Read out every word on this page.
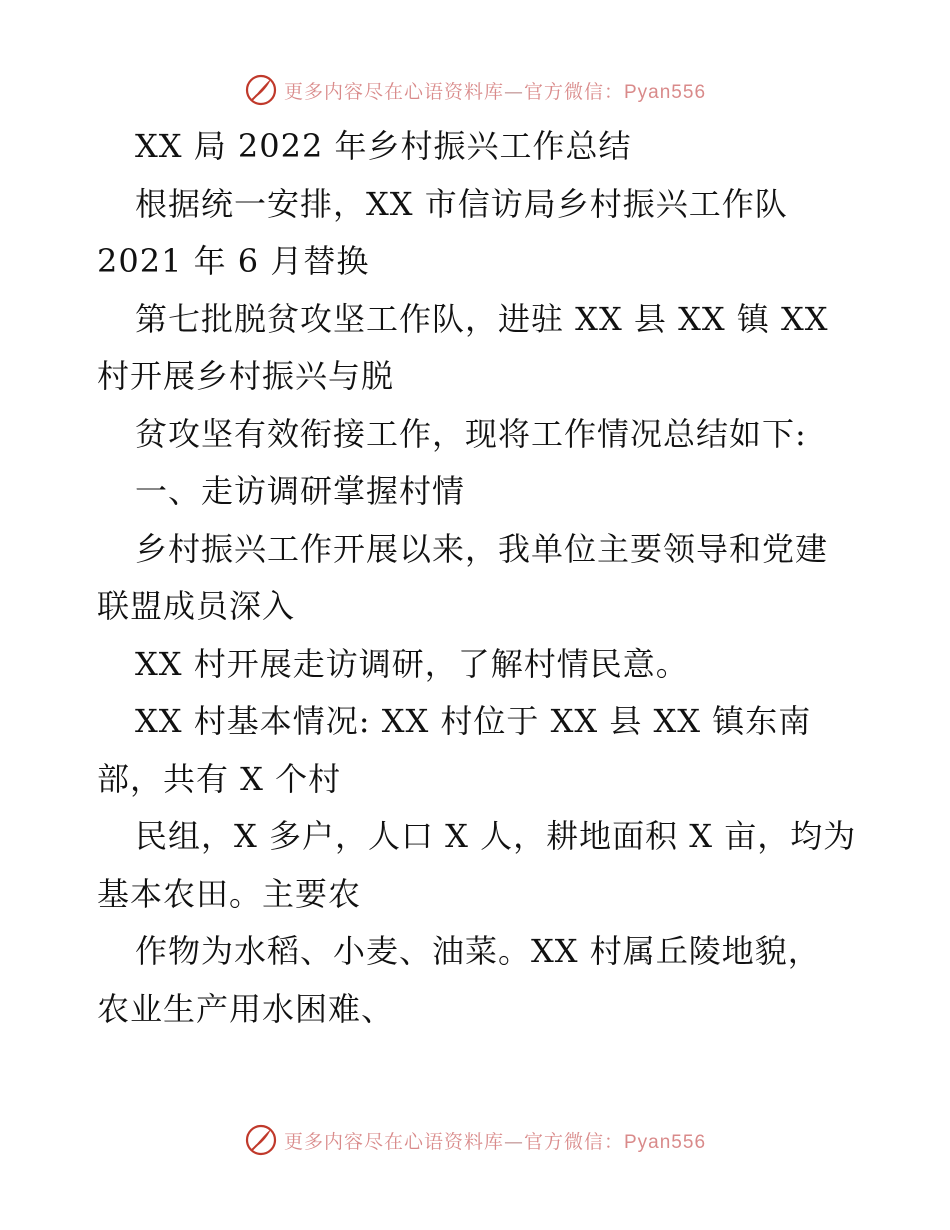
更多内容尽在心语资料库—官方微信：Pyan556
XX 局 2022 年乡村振兴工作总结
根据统一安排，XX 市信访局乡村振兴工作队
2021 年 6 月替换
第七批脱贫攻坚工作队，进驻 XX 县 XX 镇 XX
村开展乡村振兴与脱
贫攻坚有效衔接工作，现将工作情况总结如下:
一、走访调研掌握村情
乡村振兴工作开展以来，我单位主要领导和党建
联盟成员深入
XX 村开展走访调研，了解村情民意。
XX 村基本情况: XX 村位于 XX 县 XX 镇东南
部，共有 X 个村
民组，X 多户，人口 X 人，耕地面积 X 亩，均为
基本农田。主要农
作物为水稻、小麦、油菜。XX 村属丘陵地貌，
农业生产用水困难、
更多内容尽在心语资料库—官方微信：Pyan556
